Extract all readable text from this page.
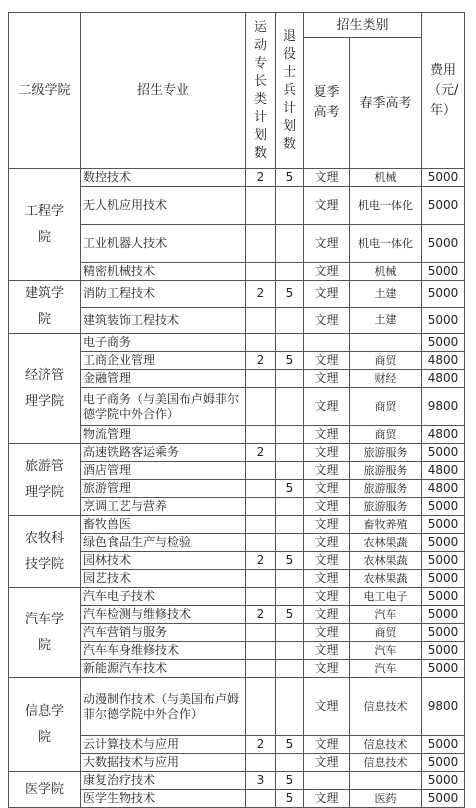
二级学院	招生专业	运动专长类计划数	退役士兵计划数	招生类别		费用（元/年）
				夏季高考	春季高考	
工程学院	数控技术	2	5	文理	机械	5000
	无人机应用技术			文理	机电一体化	5000
	工业机器人技术			文理	机电一体化	5000
	精密机械技术			文理	机械	5000
建筑学院	消防工程技术	2	5	文理	土建	5000
	建筑装饰工程技术			文理	土建	5000
经济管理学院	电子商务					5000
	工商企业管理	2	5	文理	商贸	4800
	金融管理			文理	财经	4800
	电子商务（与美国布卢姆菲尔德学院中外合作）			文理	商贸	9800
	物流管理			文理	商贸	4800
旅游管理学院	高速铁路客运乘务	2		文理	旅游服务	5000
	酒店管理			文理	旅游服务	4800
	旅游管理		5	文理	旅游服务	4800
	烹调工艺与营养			文理	旅游服务	5000
农牧科技学院	畜牧兽医			文理	畜牧养殖	5000
	绿色食品生产与检验			文理	农林果蔬	5000
	园林技术	2	5	文理	农林果蔬	5000
	园艺技术			文理	农林果蔬	5000
汽车学院	汽车电子技术			文理	电工电子	5000
	汽车检测与维修技术	2	5	文理	汽车	5000
	汽车营销与服务			文理	商贸	5000
	汽车车身维修技术			文理	汽车	5000
	新能源汽车技术			文理	汽车	5000
信息学院	动漫制作技术（与美国布卢姆菲尔德学院中外合作）			文理	信息技术	9800
	云计算技术与应用	2	5	文理	信息技术	5000
	大数据技术与应用			文理	信息技术	5000
医学院	康复治疗技术	3	5			5000
	医学生物技术		5	文理	医药	5000
